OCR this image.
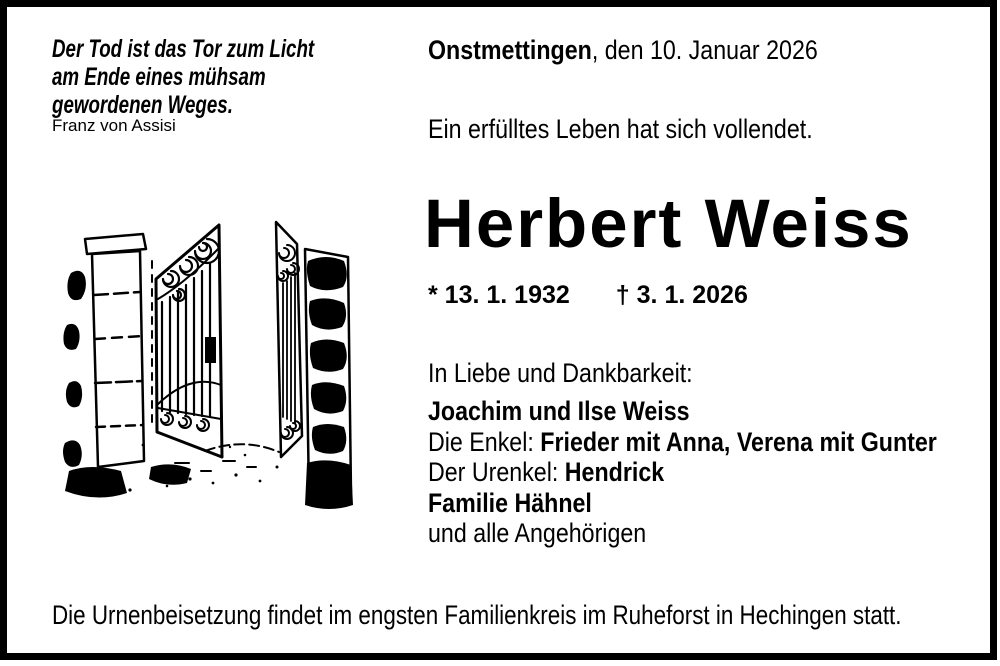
Der Tod ist das Tor zum Licht
am Ende eines mühsam
gewordenen Weges.
Franz von Assisi
Onstmettingen, den 10. Januar 2026
Ein erfülltes Leben hat sich vollendet.
Herbert Weiss
* 13. 1. 1932 † 3. 1. 2026
In Liebe und Dankbarkeit:
Joachim und Ilse Weiss
Die Enkel: Frieder mit Anna, Verena mit Gunter
Der Urenkel: Hendrick
Familie Hähnel
und alle Angehörigen
Die Urnenbeisetzung findet im engsten Familienkreis im Ruheforst in Hechingen statt.
